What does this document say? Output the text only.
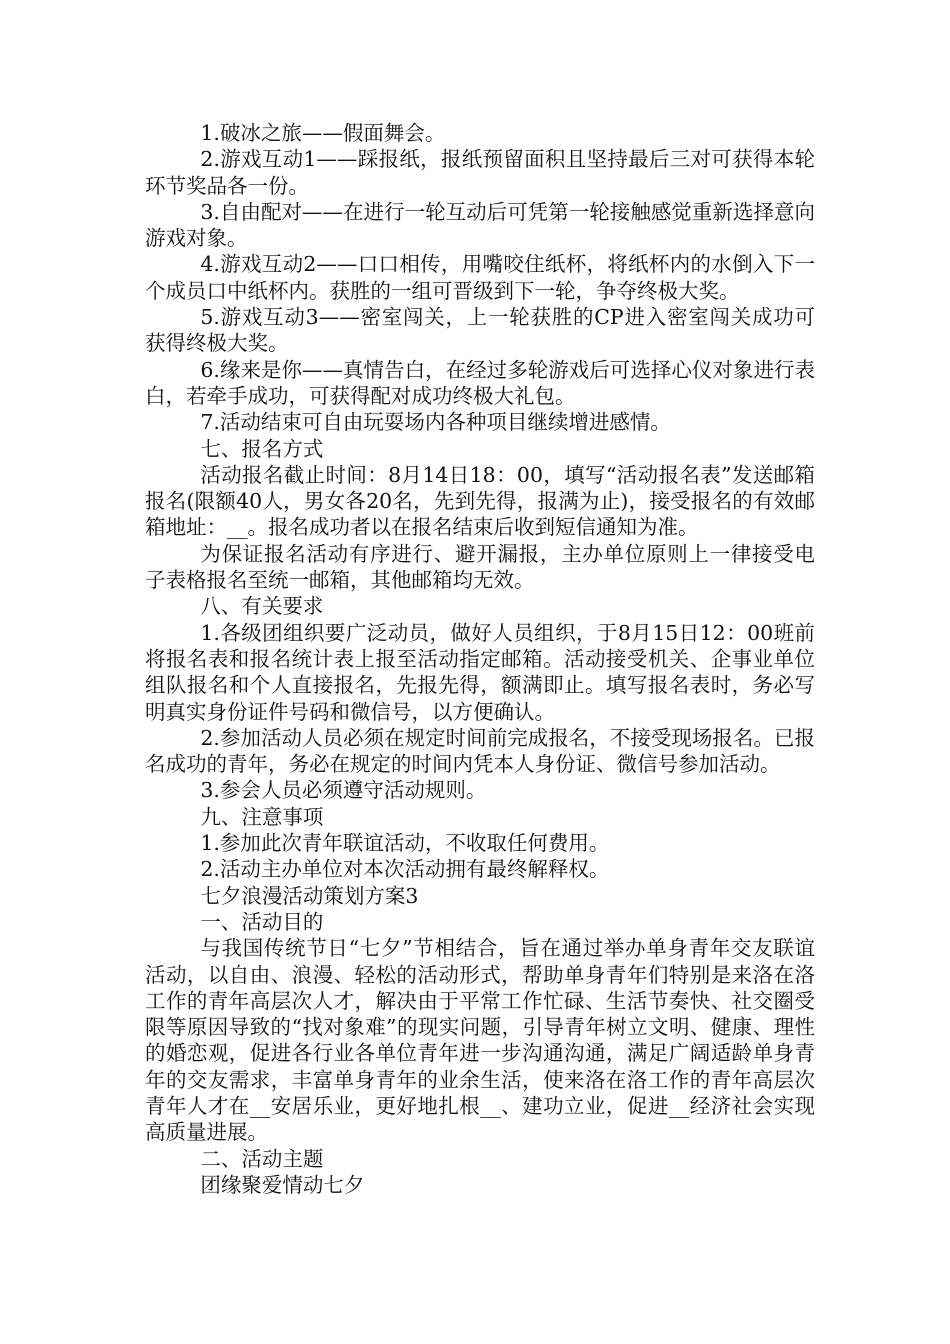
1.破冰之旅——假面舞会。

2.游戏互动1——踩报纸，报纸预留面积且坚持最后三对可获得本轮环节奖品各一份。

3.自由配对——在进行一轮互动后可凭第一轮接触感觉重新选择意向游戏对象。

4.游戏互动2——口口相传，用嘴咬住纸杯，将纸杯内的水倒入下一个成员口中纸杯内。获胜的一组可晋级到下一轮，争夺终极大奖。

5.游戏互动3——密室闯关，上一轮获胜的CP进入密室闯关成功可获得终极大奖。

6.缘来是你——真情告白，在经过多轮游戏后可选择心仪对象进行表白，若牵手成功，可获得配对成功终极大礼包。

7.活动结束可自由玩耍场内各种项目继续增进感情。

七、报名方式

活动报名截止时间：8月14日18：00，填写“活动报名表”发送邮箱报名(限额40人，男女各20名，先到先得，报满为止)，接受报名的有效邮箱地址：__。报名成功者以在报名结束后收到短信通知为准。

为保证报名活动有序进行、避开漏报，主办单位原则上一律接受电子表格报名至统一邮箱，其他邮箱均无效。

八、有关要求

1.各级团组织要广泛动员，做好人员组织，于8月15日12：00班前将报名表和报名统计表上报至活动指定邮箱。活动接受机关、企事业单位组队报名和个人直接报名，先报先得，额满即止。填写报名表时，务必写明真实身份证件号码和微信号，以方便确认。

2.参加活动人员必须在规定时间前完成报名，不接受现场报名。已报名成功的青年，务必在规定的时间内凭本人身份证、微信号参加活动。

3.参会人员必须遵守活动规则。

九、注意事项

1.参加此次青年联谊活动，不收取任何费用。

2.活动主办单位对本次活动拥有最终解释权。

七夕浪漫活动策划方案3

一、活动目的

与我国传统节日“七夕”节相结合，旨在通过举办单身青年交友联谊活动，以自由、浪漫、轻松的活动形式，帮助单身青年们特别是来洛在洛工作的青年高层次人才，解决由于平常工作忙碌、生活节奏快、社交圈受限等原因导致的“找对象难”的现实问题，引导青年树立文明、健康、理性的婚恋观，促进各行业各单位青年进一步沟通沟通，满足广阔适龄单身青年的交友需求，丰富单身青年的业余生活，使来洛在洛工作的青年高层次青年人才在__安居乐业，更好地扎根__、建功立业，促进__经济社会实现高质量进展。

二、活动主题

团缘聚爱情动七夕
